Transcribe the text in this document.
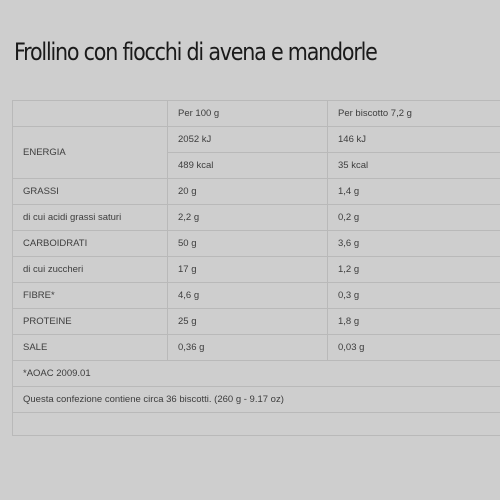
Frollino con fiocchi di avena e mandorle
	Per 100 g	Per biscotto 7,2 g
ENERGIA	2052 kJ	146 kJ
	489 kcal	35 kcal
GRASSI	20 g	1,4 g
di cui acidi grassi saturi	2,2 g	0,2 g
CARBOIDRATI	50 g	3,6 g
di cui zuccheri	17 g	1,2 g
FIBRE*	4,6 g	0,3 g
PROTEINE	25 g	1,8 g
SALE	0,36 g	0,03 g
*AOAC 2009.01		
Questa confezione contiene circa 36 biscotti. (260 g - 9.17 oz)		
